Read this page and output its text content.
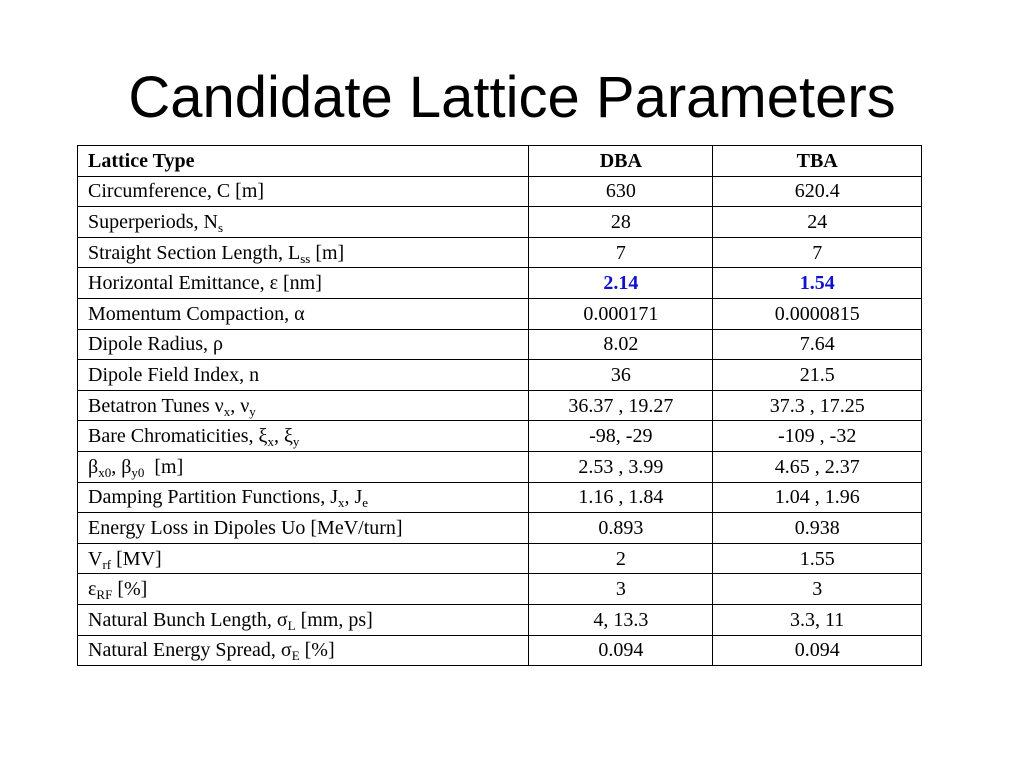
Candidate Lattice Parameters
Lattice Type	DBA	TBA
Circumference, C [m]	630	620.4
Superperiods, $N_s$	28	24
Straight Section Length, $L_{ss}$ [m]	7	7
Horizontal Emittance, ε [nm]	2.14	1.54
Momentum Compaction, α	0.000171	0.0000815
Dipole Radius, ρ	8.02	7.64
Dipole Field Index, n	36	21.5
Betatron Tunes $\nu_x$, $\nu_y$	36.37 , 19.27	37.3 , 17.25
Bare Chromaticities, $\xi_x$, $\xi_y$	-98, -29	-109 , -32
$\beta_{x0}$, $\beta_{y0}$  [m]	2.53 , 3.99	4.65 , 2.37
Damping Partition Functions, $J_x$, $J_e$	1.16 , 1.84	1.04 , 1.96
Energy Loss in Dipoles Uo [MeV/turn]	0.893	0.938
$V_{rf}$ [MV]	2	1.55
$\varepsilon_{RF}$ [%]	3	3
Natural Bunch Length, $\sigma_L$ [mm, ps]	4, 13.3	3.3, 11
Natural Energy Spread, $\sigma_E$ [%]	0.094	0.094
